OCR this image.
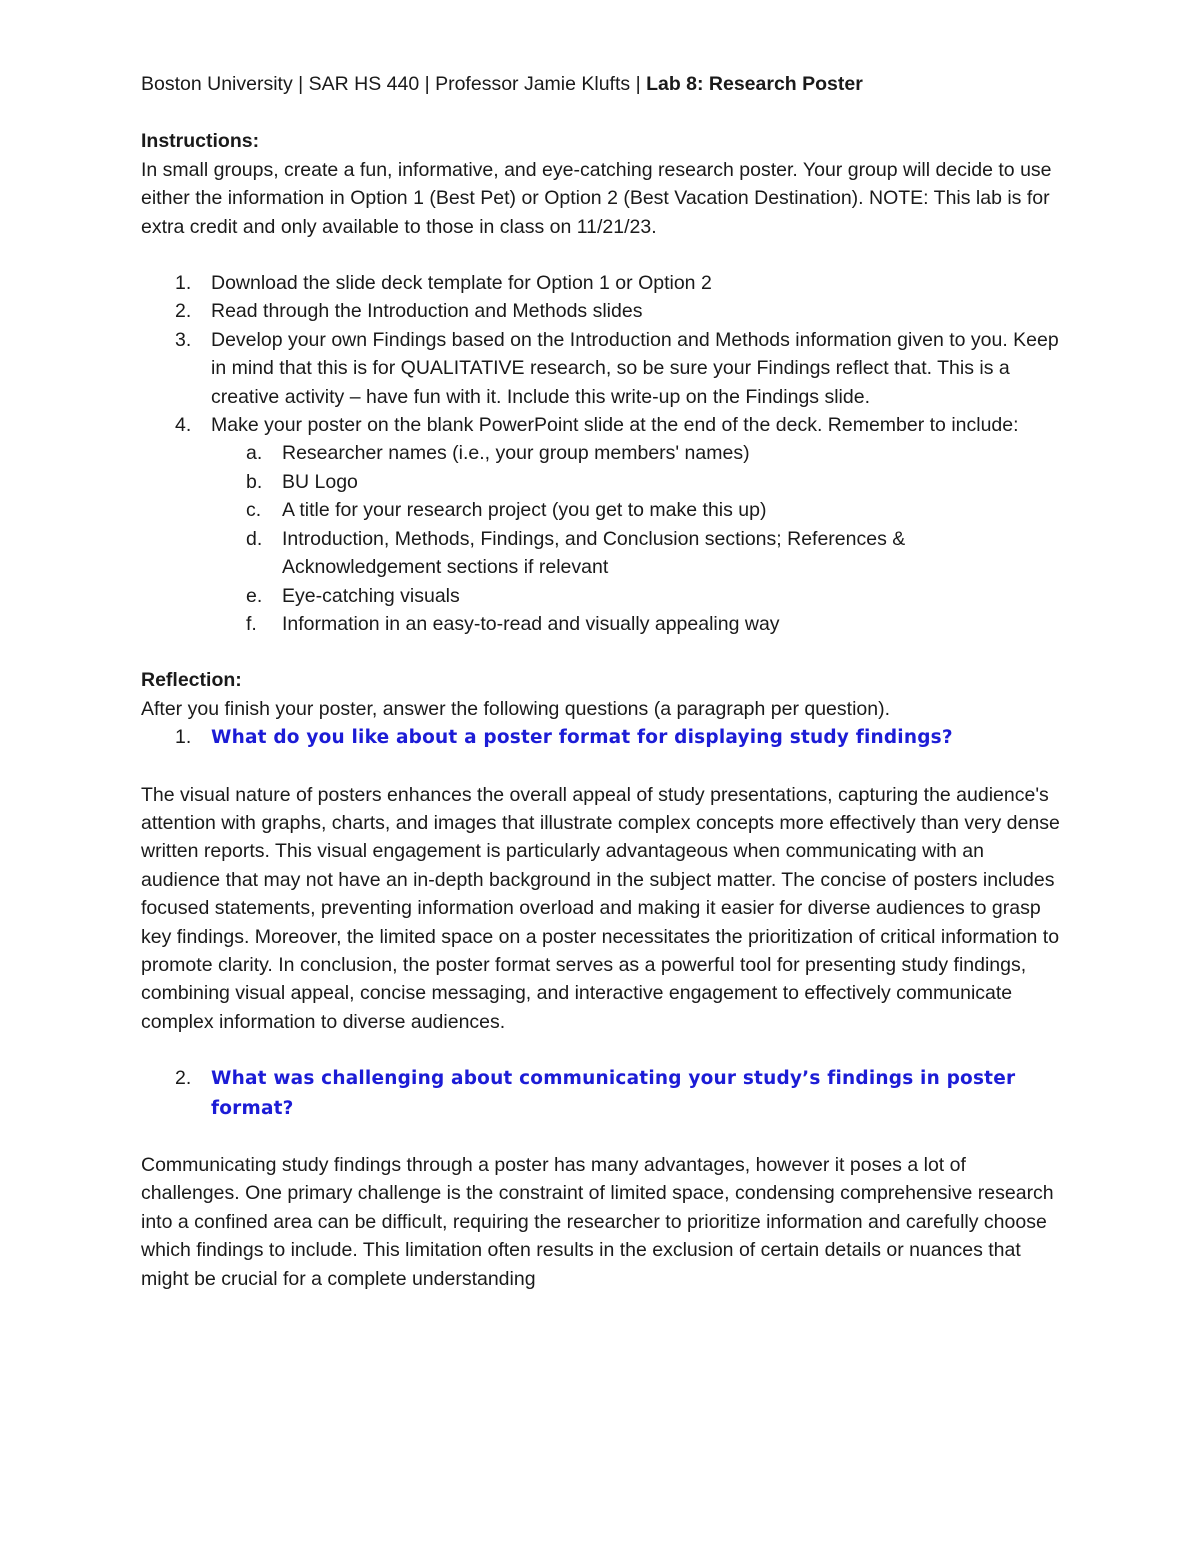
Boston University | SAR HS 440 | Professor Jamie Klufts | Lab 8: Research Poster

Instructions:

In small groups, create a fun, informative, and eye-catching research poster. Your group will decide to use either the information in Option 1 (Best Pet) or Option 2 (Best Vacation Destination). NOTE: This lab is for extra credit and only available to those in class on 11/21/23.

1.	Download the slide deck template for Option 1 or Option 2
2.	Read through the Introduction and Methods slides
3.	Develop your own Findings based on the Introduction and Methods information given to you. Keep in mind that this is for QUALITATIVE research, so be sure your Findings reflect that. This is a creative activity – have fun with it. Include this write-up on the Findings slide.
4.	Make your poster on the blank PowerPoint slide at the end of the deck. Remember to include:
a. Researcher names (i.e., your group members' names)
b. BU Logo
c. A title for your research project (you get to make this up)
d. Introduction, Methods, Findings, and Conclusion sections; References & Acknowledgement sections if relevant
e. Eye-catching visuals
f. Information in an easy-to-read and visually appealing way

Reflection:

After you finish your poster, answer the following questions (a paragraph per question).

1.	What do you like about a poster format for displaying study findings?

The visual nature of posters enhances the overall appeal of study presentations, capturing the audience's attention with graphs, charts, and images that illustrate complex concepts more effectively than very dense written reports. This visual engagement is particularly advantageous when communicating with an audience that may not have an in-depth background in the subject matter. The concise of posters includes focused statements, preventing information overload and making it easier for diverse audiences to grasp key findings. Moreover, the limited space on a poster necessitates the prioritization of critical information to promote clarity. In conclusion, the poster format serves as a powerful tool for presenting study findings, combining visual appeal, concise messaging, and interactive engagement to effectively communicate complex information to diverse audiences.

2.	What was challenging about communicating your study’s findings in poster format?

Communicating study findings through a poster has many advantages, however it poses a lot of challenges. One primary challenge is the constraint of limited space, condensing comprehensive research into a confined area can be difficult, requiring the researcher to prioritize information and carefully choose which findings to include. This limitation often results in the exclusion of certain details or nuances that might be crucial for a complete understanding
